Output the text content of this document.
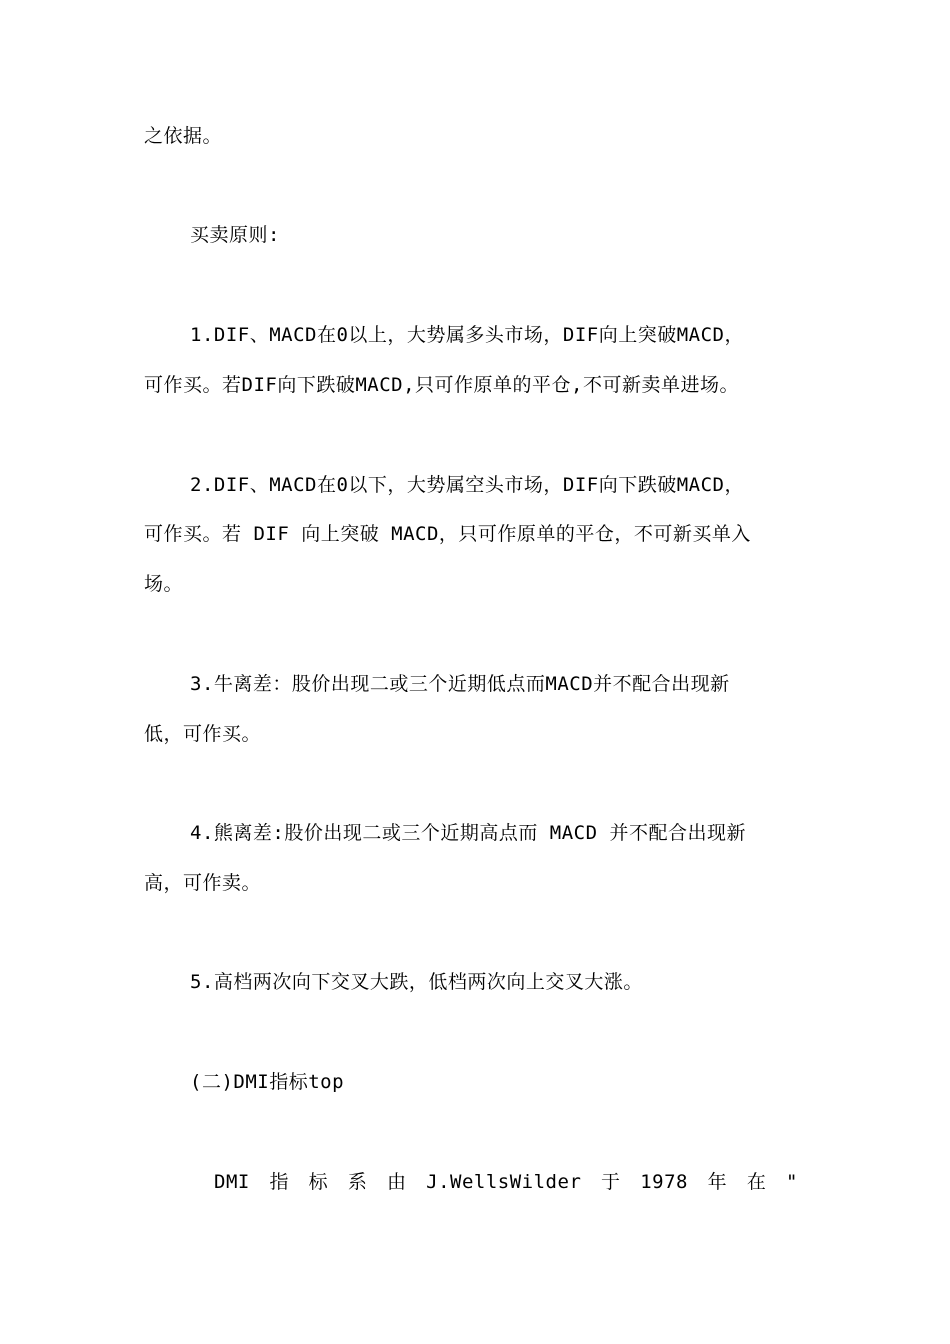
之依据。
买卖原则:
1.DIF、MACD在0以上，大势属多头市场，DIF向上突破MACD，
可作买。若DIF向下跌破MACD,只可作原单的平仓,不可新卖单进场。
2.DIF、MACD在0以下，大势属空头市场，DIF向下跌破MACD，
可作买。若 DIF 向上突破 MACD，只可作原单的平仓，不可新买单入
场。
3.牛离差：股价出现二或三个近期低点而MACD并不配合出现新
低，可作买。
4.熊离差:股价出现二或三个近期高点而 MACD 并不配合出现新
高，可作卖。
5.高档两次向下交叉大跌，低档两次向上交叉大涨。
(二)DMI指标top
DMI 指 标 系 由 J.WellsWilder 于 1978 年 在 "
